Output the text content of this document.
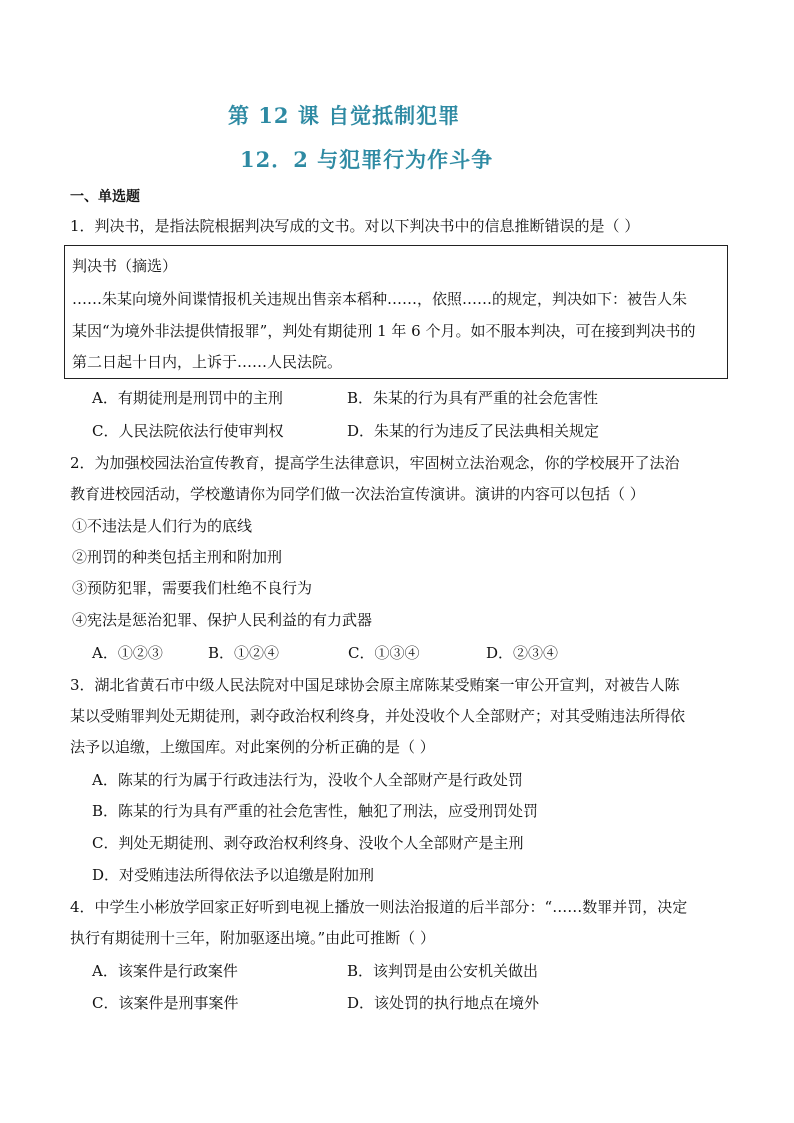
第 12 课 自觉抵制犯罪
12．2 与犯罪行为作斗争
一、单选题
1．判决书，是指法院根据判决写成的文书。对以下判决书中的信息推断错误的是（ ）
判决书（摘选）
……朱某向境外间谍情报机关违规出售亲本稻种……，依照……的规定，判决如下：被告人朱
某因“为境外非法提供情报罪”，判处有期徒刑 1 年 6 个月。如不服本判决，可在接到判决书的
第二日起十日内，上诉于……人民法院。
A．有期徒刑是刑罚中的主刑	B．朱某的行为具有严重的社会危害性
C．人民法院依法行使审判权	D．朱某的行为违反了民法典相关规定
2．为加强校园法治宣传教育，提高学生法律意识，牢固树立法治观念，你的学校展开了法治
教育进校园活动，学校邀请你为同学们做一次法治宣传演讲。演讲的内容可以包括（ ）
①不违法是人们行为的底线
②刑罚的种类包括主刑和附加刑
③预防犯罪，需要我们杜绝不良行为
④宪法是惩治犯罪、保护人民利益的有力武器
A．①②③	B．①②④	C．①③④	D．②③④
3．湖北省黄石市中级人民法院对中国足球协会原主席陈某受贿案一审公开宣判，对被告人陈
某以受贿罪判处无期徒刑，剥夺政治权利终身，并处没收个人全部财产；对其受贿违法所得依
法予以追缴，上缴国库。对此案例的分析正确的是（ ）
A．陈某的行为属于行政违法行为，没收个人全部财产是行政处罚
B．陈某的行为具有严重的社会危害性，触犯了刑法，应受刑罚处罚
C．判处无期徒刑、剥夺政治权利终身、没收个人全部财产是主刑
D．对受贿违法所得依法予以追缴是附加刑
4．中学生小彬放学回家正好听到电视上播放一则法治报道的后半部分：“……数罪并罚，决定
执行有期徒刑十三年，附加驱逐出境。”由此可推断（ ）
A．该案件是行政案件	B．该判罚是由公安机关做出
C．该案件是刑事案件	D．该处罚的执行地点在境外
